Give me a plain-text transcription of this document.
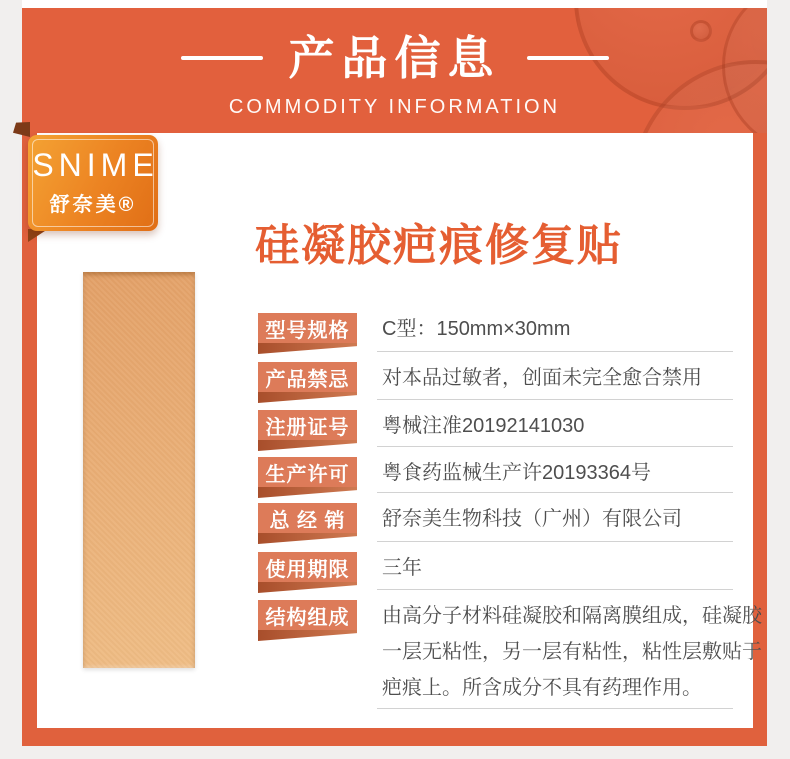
产品信息
COMMODITY INFORMATION
SNIME
舒奈美®
硅凝胶疤痕修复贴
型号规格 C型：150mm×30mm
产品禁忌 对本品过敏者，创面未完全愈合禁用
注册证号 粤械注准20192141030
生产许可 粤食药监械生产许20193364号
总 经 销 舒奈美生物科技（广州）有限公司
使用期限 三年
结构组成 由高分子材料硅凝胶和隔离膜组成，硅凝胶一层无粘性，另一层有粘性，粘性层敷贴于疤痕上。所含成分不具有药理作用。
